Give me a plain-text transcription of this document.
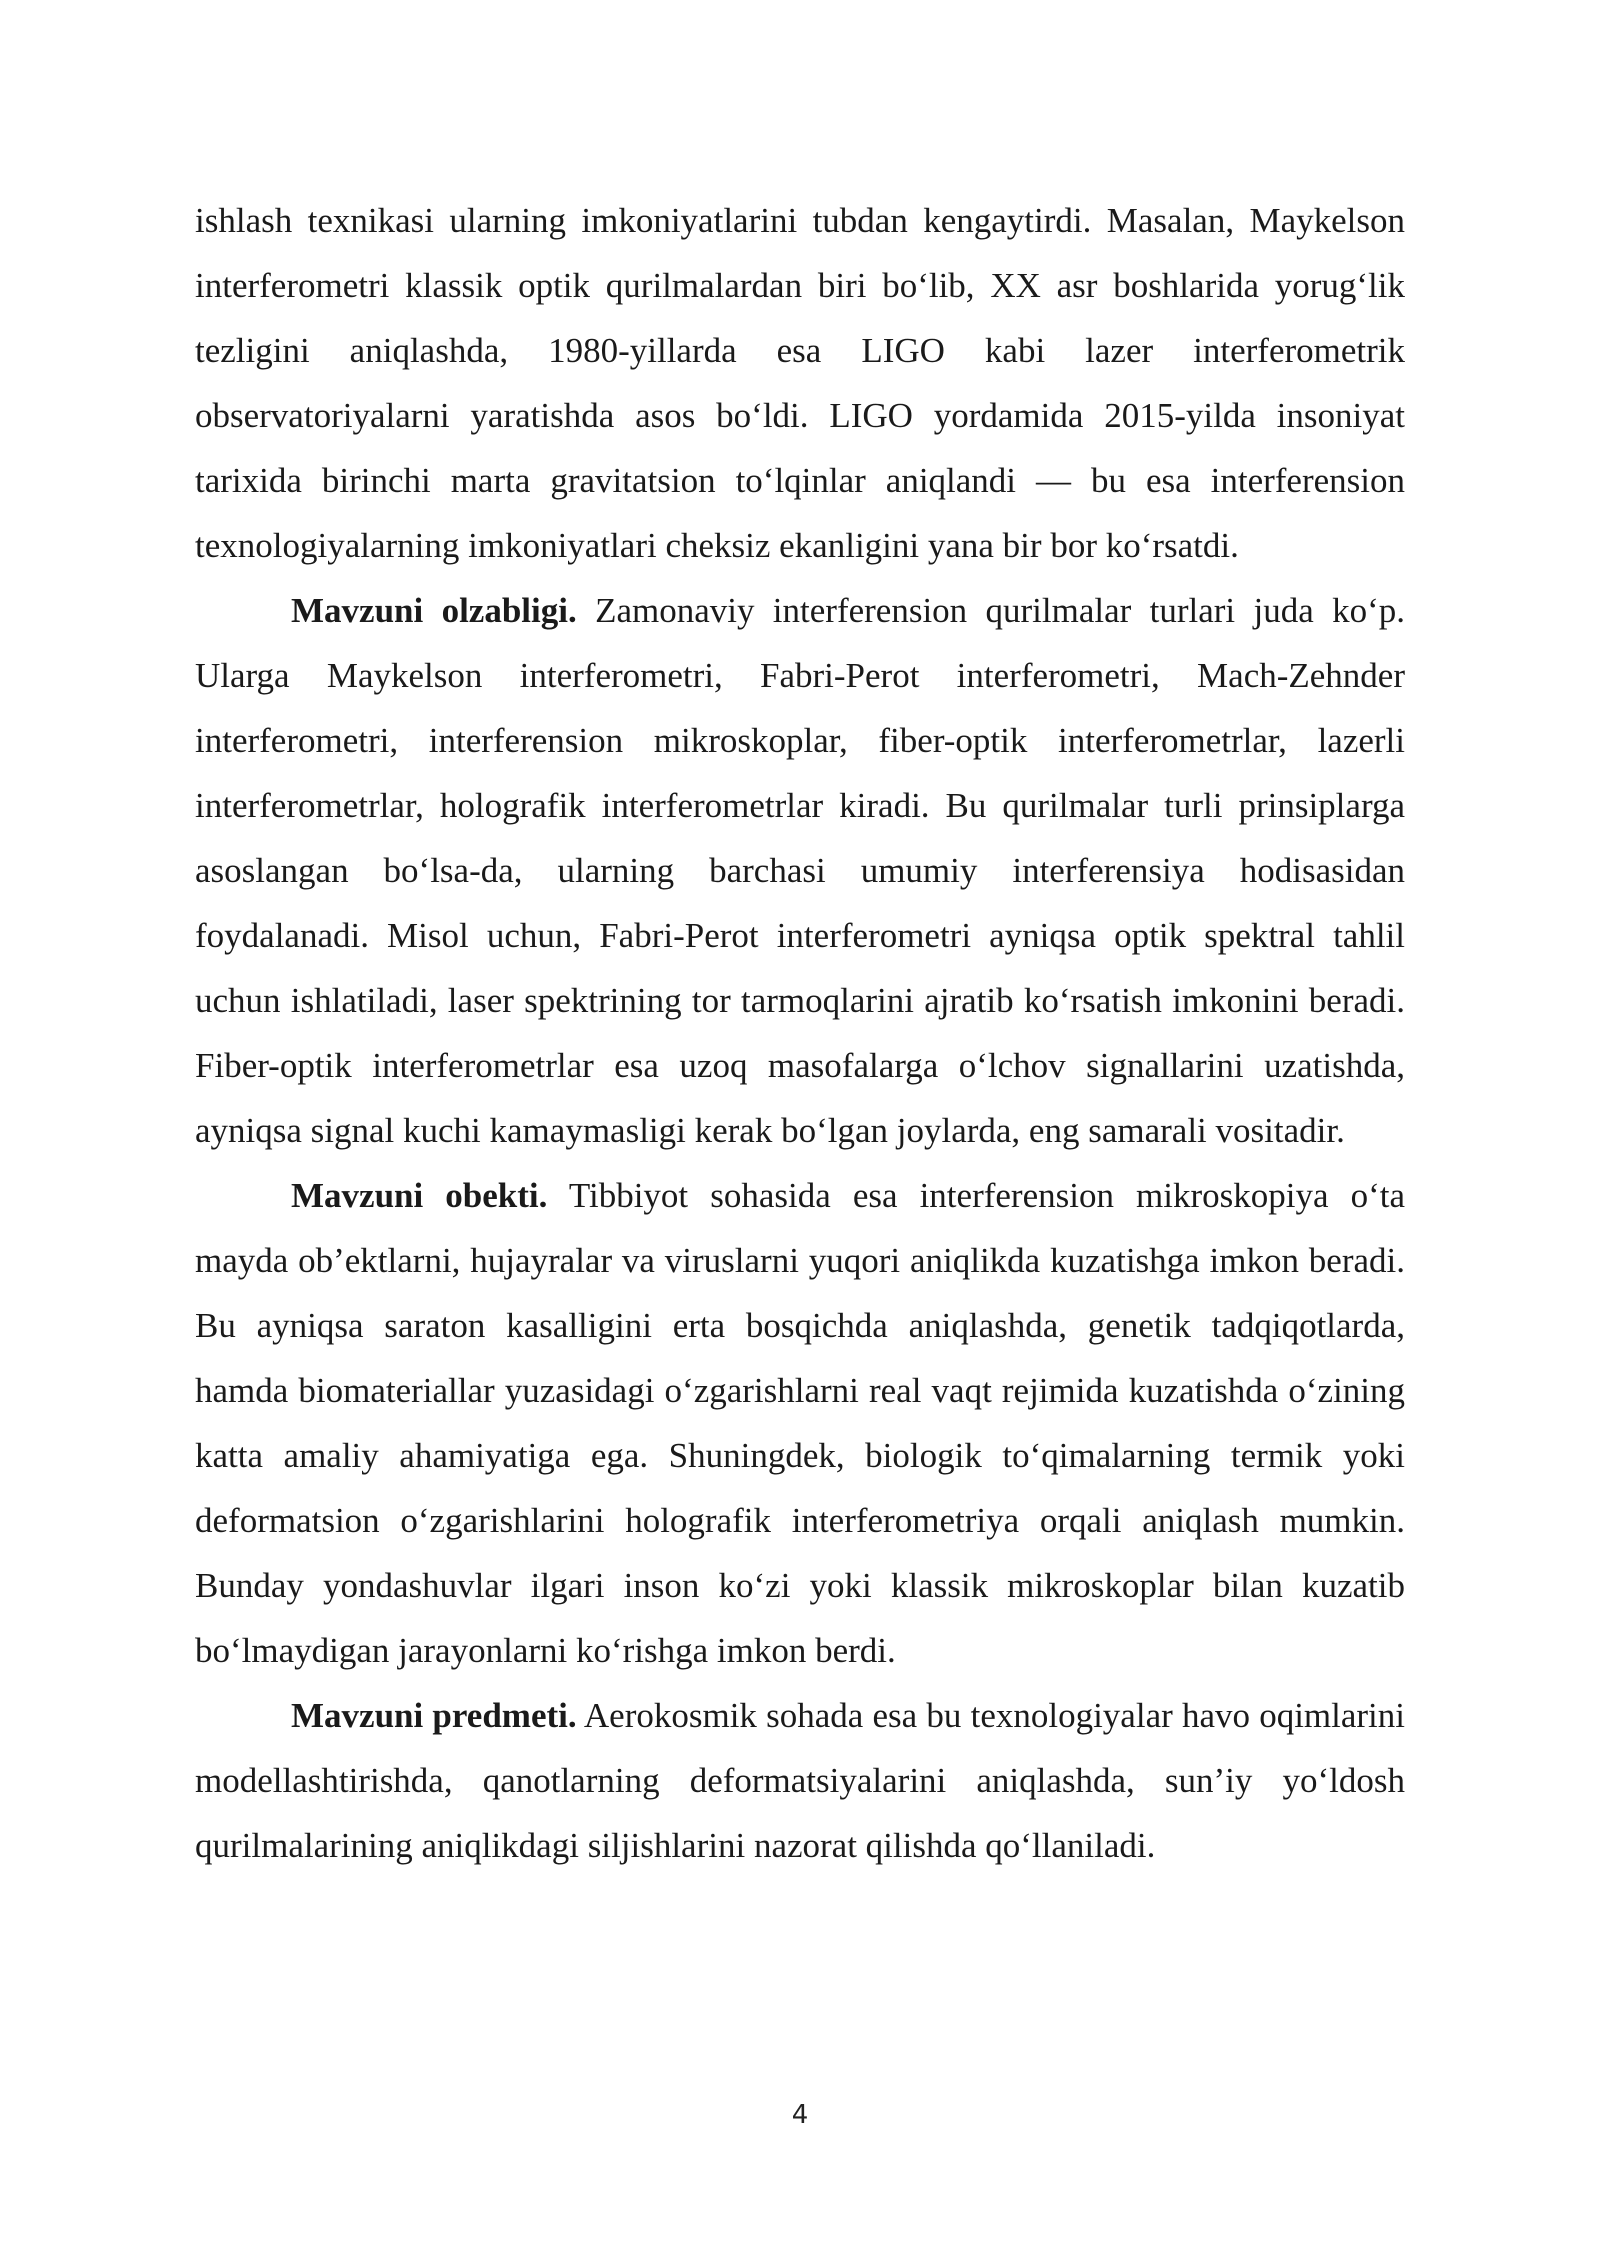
ishlash texnikasi ularning imkoniyatlarini tubdan kengaytirdi. Masalan, Maykelson interferometri klassik optik qurilmalardan biri bo‘lib, XX asr boshlarida yorug‘lik tezligini aniqlashda, 1980-yillarda esa LIGO kabi lazer interferometrik observatoriyalarni yaratishda asos bo‘ldi. LIGO yordamida 2015-yilda insoniyat tarixida birinchi marta gravitatsion to‘lqinlar aniqlandi — bu esa interferension texnologiyalarning imkoniyatlari cheksiz ekanligini yana bir bor ko‘rsatdi.

Mavzuni olzabligi. Zamonaviy interferension qurilmalar turlari juda ko‘p. Ularga Maykelson interferometri, Fabri-Perot interferometri, Mach-Zehnder interferometri, interferension mikroskoplar, fiber-optik interferometrlar, lazerli interferometrlar, holografik interferometrlar kiradi. Bu qurilmalar turli prinsiplarga asoslangan bo‘lsa-da, ularning barchasi umumiy interferensiya hodisasidan foydalanadi. Misol uchun, Fabri-Perot interferometri ayniqsa optik spektral tahlil uchun ishlatiladi, laser spektrining tor tarmoqlarini ajratib ko‘rsatish imkonini beradi. Fiber-optik interferometrlar esa uzoq masofalarga o‘lchov signallarini uzatishda, ayniqsa signal kuchi kamaymasligi kerak bo‘lgan joylarda, eng samarali vositadir.

Mavzuni obekti. Tibbiyot sohasida esa interferension mikroskopiya o‘ta mayda ob’ektlarni, hujayralar va viruslarni yuqori aniqlikda kuzatishga imkon beradi. Bu ayniqsa saraton kasalligini erta bosqichda aniqlashda, genetik tadqiqotlarda, hamda biomateriallar yuzasidagi o‘zgarishlarni real vaqt rejimida kuzatishda o‘zining katta amaliy ahamiyatiga ega. Shuningdek, biologik to‘qimalarning termik yoki deformatsion o‘zgarishlarini holografik interferometriya orqali aniqlash mumkin. Bunday yondashuvlar ilgari inson ko‘zi yoki klassik mikroskoplar bilan kuzatib bo‘lmaydigan jarayonlarni ko‘rishga imkon berdi.

Mavzuni predmeti. Aerokosmik sohada esa bu texnologiyalar havo oqimlarini modellashtirishda, qanotlarning deformatsiyalarini aniqlashda, sun’iy yo‘ldosh qurilmalarining aniqlikdagi siljishlarini nazorat qilishda qo‘llaniladi.

4
